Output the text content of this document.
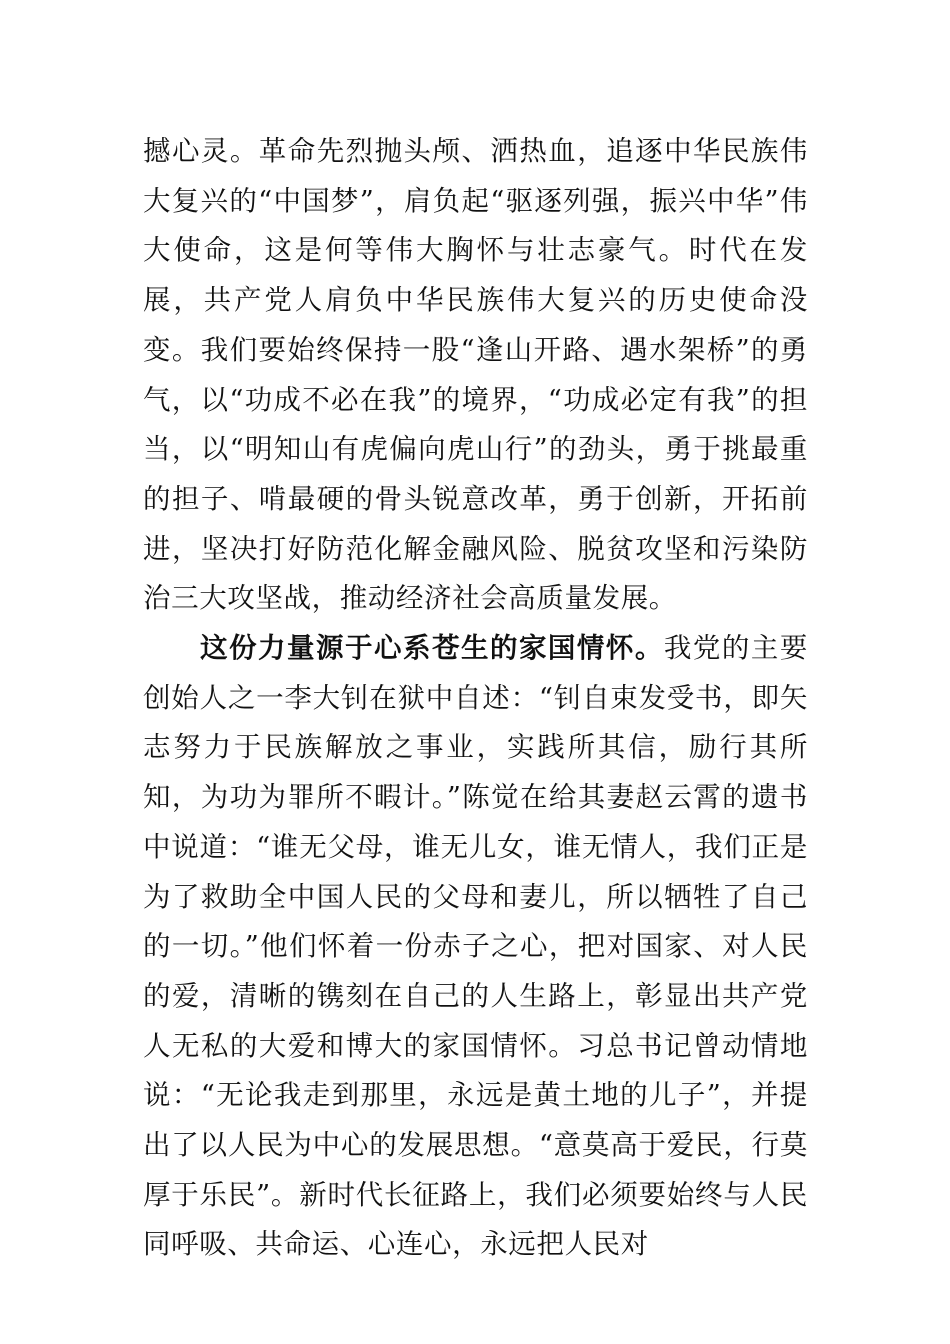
撼心灵。革命先烈抛头颅、洒热血，追逐中华民族伟大复兴的“中国梦”，肩负起“驱逐列强，振兴中华”伟大使命，这是何等伟大胸怀与壮志豪气。时代在发展，共产党人肩负中华民族伟大复兴的历史使命没变。我们要始终保持一股“逢山开路、遇水架桥”的勇气，以“功成不必在我”的境界，“功成必定有我”的担当，以“明知山有虎偏向虎山行”的劲头，勇于挑最重的担子、啃最硬的骨头锐意改革，勇于创新，开拓前进，坚决打好防范化解金融风险、脱贫攻坚和污染防治三大攻坚战，推动经济社会高质量发展。

这份力量源于心系苍生的家国情怀。我党的主要创始人之一李大钊在狱中自述：“钊自束发受书，即矢志努力于民族解放之事业，实践所其信，励行其所知，为功为罪所不暇计。”陈觉在给其妻赵云霄的遗书中说道：“谁无父母，谁无儿女，谁无情人，我们正是为了救助全中国人民的父母和妻儿，所以牺牲了自己的一切。”他们怀着一份赤子之心，把对国家、对人民的爱，清晰的镌刻在自己的人生路上，彰显出共产党人无私的大爱和博大的家国情怀。习总书记曾动情地说：“无论我走到那里，永远是黄土地的儿子”，并提出了以人民为中心的发展思想。“意莫高于爱民，行莫厚于乐民”。新时代长征路上，我们必须要始终与人民同呼吸、共命运、心连心，永远把人民对
